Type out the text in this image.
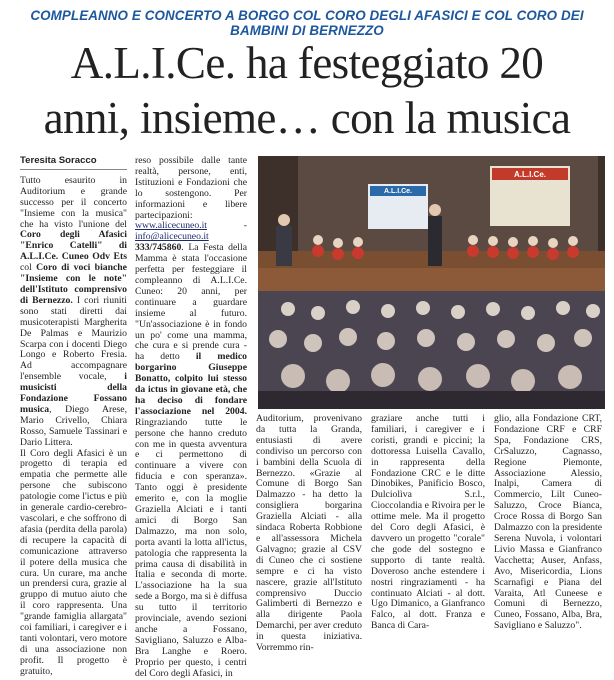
COMPLEANNO E CONCERTO A BORGO COL CORO DEGLI AFASICI E COL CORO DEI BAMBINI DI BERNEZZO
A.L.I.Ce. ha festeggiato 20
anni, insieme… con la musica
Teresita Soracco

Tutto esaurito in Auditorium e grande successo per il concerto "Insieme con la musica" che ha visto l'unione del Coro degli Afasici "Enrico Catelli" di A.L.I.Ce. Cuneo Odv Ets col Coro di voci bianche "Insieme con le note" dell'Istituto comprensivo di Bernezzo. I cori riuniti sono stati diretti dai musicoterapisti Margherita De Palmas e Maurizio Scarpa con i docenti Diego Longo e Roberto Fresia. Ad accompagnare l'ensemble vocale, i musicisti della Fondazione Fossano musica, Diego Arese, Mario Crivello, Chiara Rosso, Samuele Tassinari e Dario Littera.

Il Coro degli Afasici è un progetto di terapia ed empatia che permette alle persone che subiscono patologie come l'ictus e più in generale cardio-cerebro-vascolari, e che soffrono di afasia (perdita della parola) di recupere la capacità di comunicazione attraverso il potere della musica che cura. Un curare, ma anche un prendersi cura, grazie al gruppo di mutuo aiuto che il coro rappresenta. Una "grande famiglia allargata" coi familiari, i caregiver e i tanti volontari, vero motore di una associazione non profit. Il progetto è gratuito,

reso possibile dalle tante realtà, persone, enti, Istituzioni e Fondazioni che lo sostengono. Per informazioni e libere partecipazioni: www.alicecuneo.it - info@alicecuneo.it 333/745860. La Festa della Mamma è stata l'occasione perfetta per festeggiare il compleanno di A.L.I.Ce. Cuneo: 20 anni, per continuare a guardare insieme al futuro. "Un'associazione è in fondo un po' come una mamma, che cura e si prende cura - ha detto il medico borgarino Giuseppe Bonatto, colpito lui stesso da ictus in giovane età, che ha deciso di fondare l'associazione nel 2004. Ringraziando tutte le persone che hanno creduto con me in questa avventura e ci permettono di continuare a vivere con fiducia e con speranza». Tanto oggi è presidente emerito e, con la moglie Graziella Alciati e i tanti amici di Borgo San Dalmazzo, ma non solo, porta avanti la lotta all'ictus, patologia che rappresenta la prima causa di disabilità in Italia e seconda di morte. L'associazione ha la sua sede a Borgo, ma si è diffusa su tutto il territorio provinciale, avendo sezioni anche a Fossano, Savigliano, Saluzzo e Alba-Bra Langhe e Roero. Proprio per questo, i centri del Coro degli Afasici, in

A.L.I.Ce.
A.L.I.Ce.

Auditorium, provenivano da tutta la Granda, entusiasti di avere condiviso un percorso con i bambini della Scuola di Bernezzo. «Grazie al Comune di Borgo San Dalmazzo - ha detto la consigliera borgarina Graziella Alciati - alla sindaca Roberta Robbione e all'assessora Michela Galvagno; grazie al CSV di Cuneo che ci sostiene sempre e ci ha visto nascere, grazie all'Istituto comprensivo Duccio Galimberti di Bernezzo e alla dirigente Paola Demarchi, per aver creduto in questa iniziativa. Vorremmo rin-

graziare anche tutti i familiari, i caregiver e i coristi, grandi e piccini; la dottoressa Luisella Cavallo, in rappresenta della Fondazione CRC e le ditte Dinobikes, Panificio Bosco, Dulciolìva S.r.l., Cioccolandia e Rivoira per le ottime mele. Ma il progetto del Coro degli Afasici, è davvero un progetto "corale" che gode del sostegno e supporto di tante realtà. Doveroso anche estendere i nostri ringraziamenti - ha continuato Alciati - al dott. Ugo Dimanico, a Gianfranco Falco, al dott. Franza e Banca di Cara-

glio, alla Fondazione CRT, Fondazione CRF e CRF Spa, Fondazione CRS, CrSaluzzo, Cagnasso, Regione Piemonte, Associazione Alessio, Inalpi, Camera di Commercio, Lilt Cuneo-Saluzzo, Croce Bianca, Croce Rossa di Borgo San Dalmazzo con la presidente Serena Nuvola, i volontari Livio Massa e Gianfranco Vacchetta; Auser, Anfass, Avo, Misericordia, Lions Scarnafigi e Piana del Varaita, Atl Cuneese e Comuni di Bernezzo, Cuneo, Fossano, Alba, Bra, Savigliano e Saluzzo".
